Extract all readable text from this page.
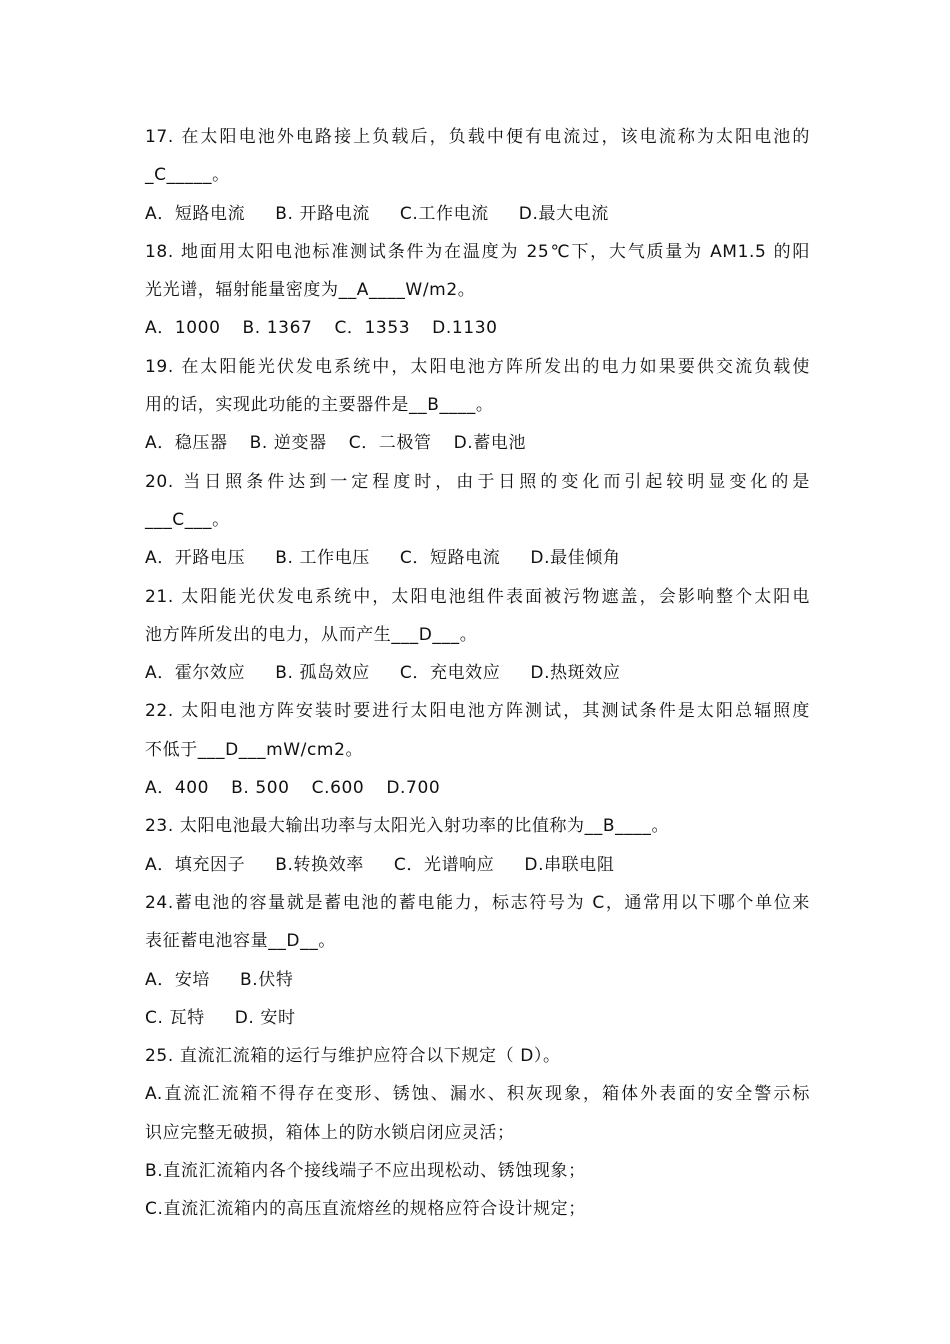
17. 在太阳电池外电路接上负载后，负载中便有电流过，该电流称为太阳电池的
_C_____。
A．短路电流 B. 开路电流 C.工作电流 D.最大电流
18. 地面用太阳电池标准测试条件为在温度为 25℃下，大气质量为 AM1.5 的阳
光光谱，辐射能量密度为__A____W/m2。
A．1000 B. 1367 C．1353 D.1130
19. 在太阳能光伏发电系统中，太阳电池方阵所发出的电力如果要供交流负载使
用的话，实现此功能的主要器件是__B____。
A．稳压器 B. 逆变器 C．二极管 D.蓄电池
20. 当日照条件达到一定程度时，由于日照的变化而引起较明显变化的是
___C___。
A．开路电压 B. 工作电压 C．短路电流 D.最佳倾角
21. 太阳能光伏发电系统中，太阳电池组件表面被污物遮盖，会影响整个太阳电
池方阵所发出的电力，从而产生___D___。
A．霍尔效应 B. 孤岛效应 C．充电效应 D.热斑效应
22. 太阳电池方阵安装时要进行太阳电池方阵测试，其测试条件是太阳总辐照度
不低于___D___mW/cm2。
A．400 B. 500 C.600 D.700
23. 太阳电池最大输出功率与太阳光入射功率的比值称为__B____。
A．填充因子 B.转换效率 C．光谱响应 D.串联电阻
24.蓄电池的容量就是蓄电池的蓄电能力，标志符号为 C，通常用以下哪个单位来
表征蓄电池容量__D__。
A．安培 B.伏特
C. 瓦特 D. 安时
25. 直流汇流箱的运行与维护应符合以下规定（ D）。
A.直流汇流箱不得存在变形、锈蚀、漏水、积灰现象，箱体外表面的安全警示标
识应完整无破损，箱体上的防水锁启闭应灵活；
B.直流汇流箱内各个接线端子不应出现松动、锈蚀现象；
C.直流汇流箱内的高压直流熔丝的规格应符合设计规定；
